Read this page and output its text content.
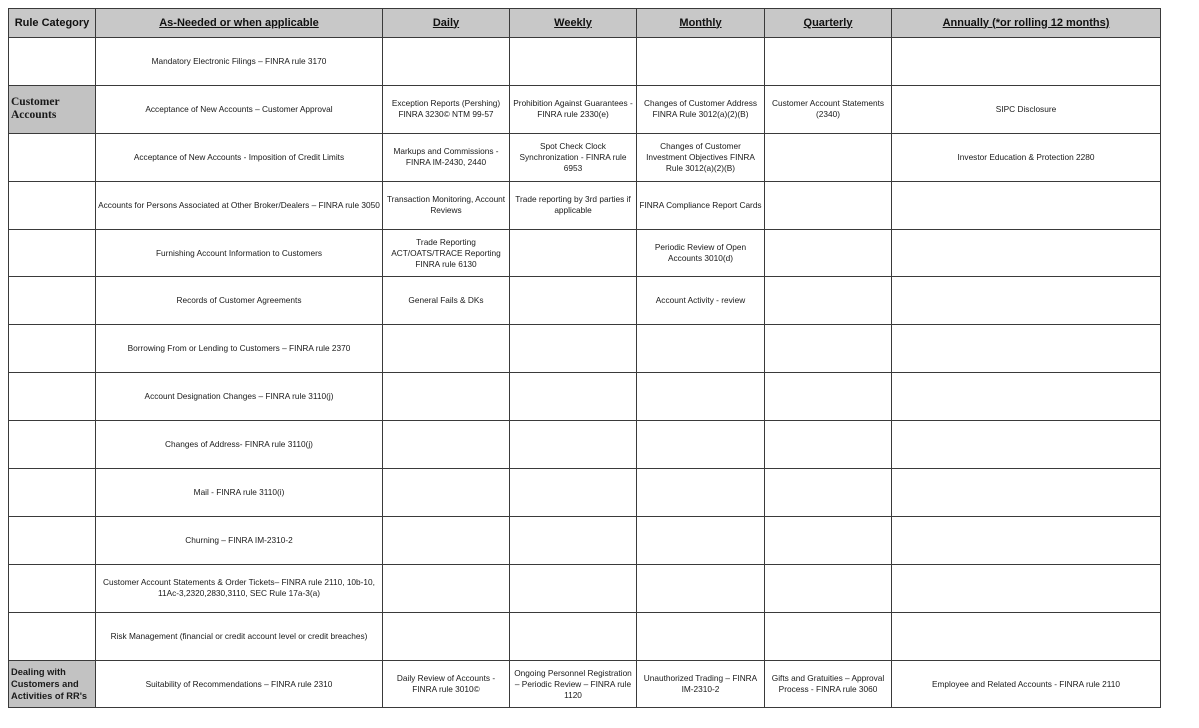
Rule Category	As-Needed or when applicable	Daily	Weekly	Monthly	Quarterly	Annually (*or rolling 12 months)
	Mandatory Electronic Filings – FINRA rule 3170					
Customer Accounts	Acceptance of New Accounts – Customer Approval	Exception Reports (Pershing) FINRA 3230© NTM 99-57	Prohibition Against Guarantees - FINRA rule 2330(e)	Changes of Customer Address FINRA Rule 3012(a)(2)(B)	Customer Account Statements (2340)	SIPC Disclosure
	Acceptance of New Accounts - Imposition of Credit Limits	Markups and Commissions - FINRA IM-2430, 2440	Spot Check Clock Synchronization - FINRA rule 6953	Changes of Customer Investment Objectives FINRA Rule 3012(a)(2)(B)		Investor Education & Protection 2280
	Accounts for Persons Associated at Other Broker/Dealers – FINRA rule 3050	Transaction Monitoring, Account Reviews	Trade reporting by 3rd parties if applicable	FINRA Compliance Report Cards		
	Furnishing Account Information to Customers	Trade Reporting ACT/OATS/TRACE Reporting FINRA rule 6130		Periodic Review of Open Accounts 3010(d)		
	Records of Customer Agreements	General Fails & DKs		Account Activity - review		
	Borrowing From or Lending to Customers – FINRA rule 2370					
	Account Designation Changes – FINRA rule 3110(j)					
	Changes of Address- FINRA rule 3110(j)					
	Mail - FINRA rule 3110(i)					
	Churning – FINRA IM-2310-2					
	Customer Account Statements & Order Tickets– FINRA rule 2110, 10b-10, 11Ac-3,2320,2830,3110, SEC Rule 17a-3(a)					
	Risk Management (financial or credit account level or credit breaches)					
Dealing with Customers and Activities of RR's	Suitability of Recommendations – FINRA rule 2310	Daily Review of Accounts - FINRA rule 3010©	Ongoing Personnel Registration – Periodic Review – FINRA rule 1120	Unauthorized Trading – FINRA IM-2310-2	Gifts and Gratuities – Approval Process - FINRA rule 3060	Employee and Related Accounts - FINRA rule 2110
